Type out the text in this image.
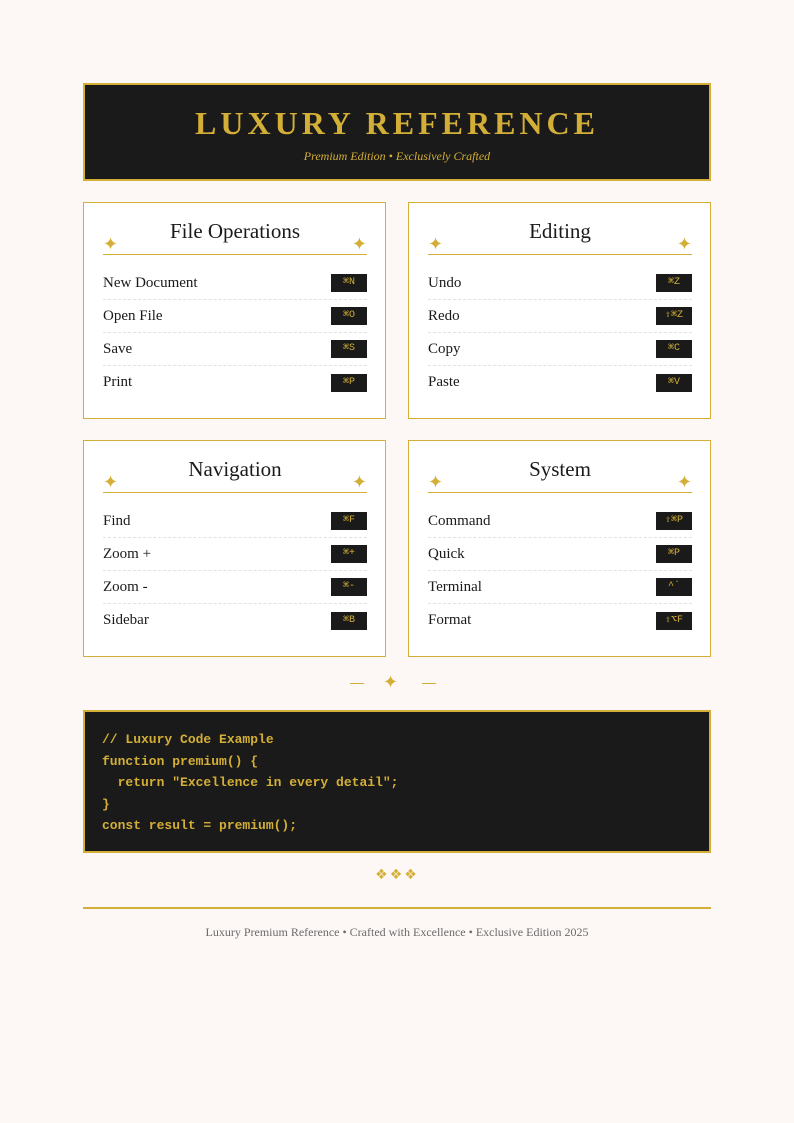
LUXURY REFERENCE
Premium Edition • Exclusively Crafted
✦
File Operations
✦
New Document	⌘N
Open File	⌘O
Save	⌘S
Print	⌘P
✦
Editing
✦
Undo	⌘Z
Redo	⇧⌘Z
Copy	⌘C
Paste	⌘V
✦
Navigation
✦
Find	⌘F
Zoom +	⌘+
Zoom -	⌘-
Sidebar	⌘B
✦
System
✦
Command	⇧⌘P
Quick	⌘P
Terminal	^`
Format	⇧⌥F
✦
// Luxury Code Example
function premium() {
return "Excellence in every detail";
}
const result = premium();
❖❖❖
Luxury Premium Reference • Crafted with Excellence • Exclusive Edition 2025
